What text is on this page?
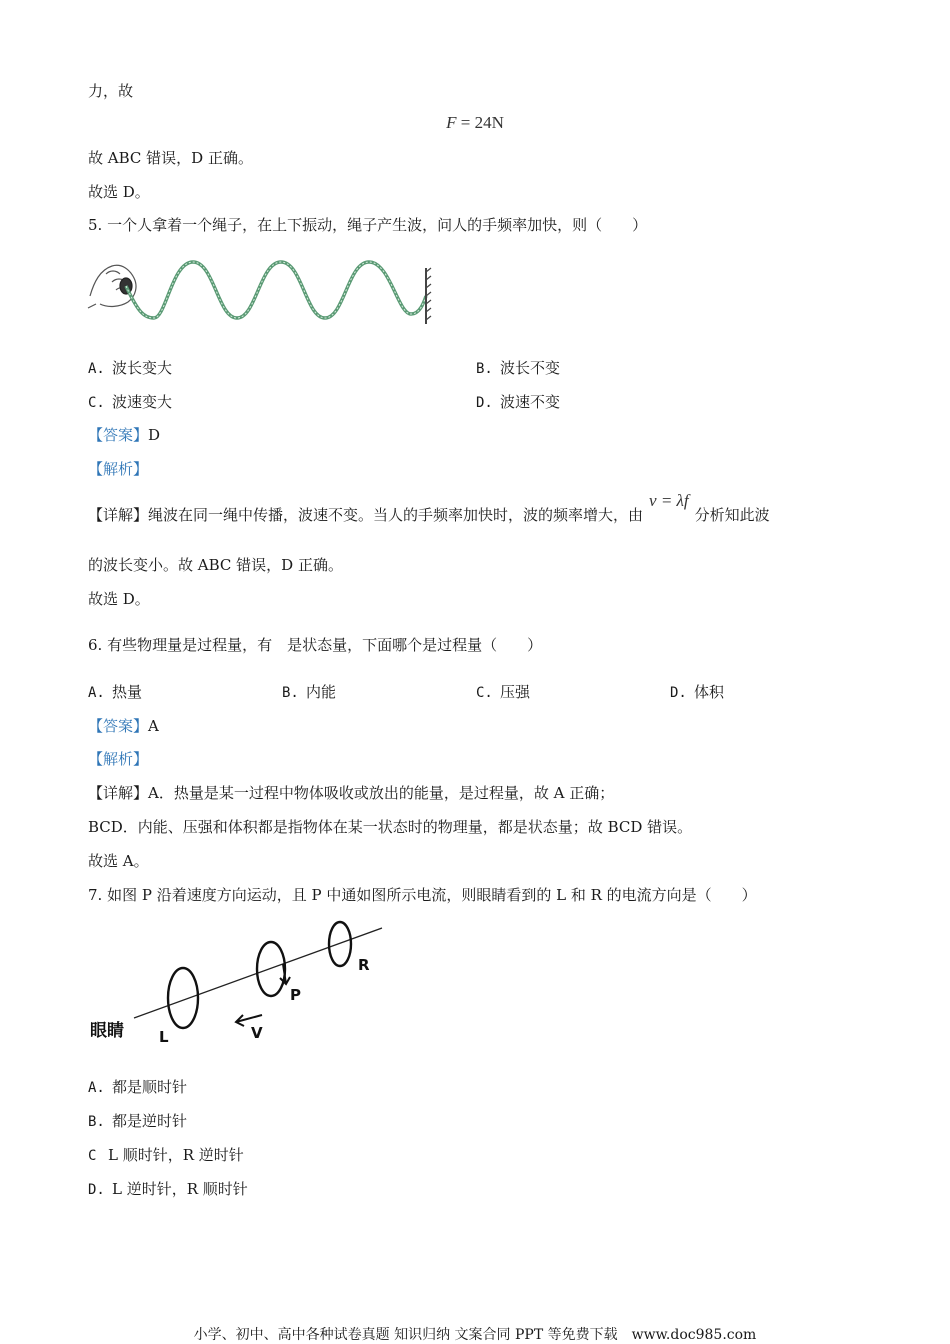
力，故
F = 24N
故 ABC 错误，D 正确。
故选 D。
5. 一个人拿着一个绳子，在上下振动，绳子产生波，问人的手频率加快，则（　　）
A. 波长变大	B. 波长不变
C. 波速变大	D. 波速不变
【答案】D
【解析】
【详解】绳波在同一绳中传播，波速不变。当人的手频率加快时，波的频率增大，由v = λf分析知此波
的波长变小。故 ABC 错误，D 正确。
故选 D。
6. 有些物理量是过程量，有　是状态量，下面哪个是过程量（　　）
A. 热量	B. 内能	C. 压强	D. 体积
【答案】A
【解析】
【详解】A．热量是某一过程中物体吸收或放出的能量，是过程量，故 A 正确；
BCD．内能、压强和体积都是指物体在某一状态时的物理量，都是状态量；故 BCD 错误。
故选 A。
7. 如图 P 沿着速度方向运动，且 P 中通如图所示电流，则眼睛看到的 L 和 R 的电流方向是（　　）
眼睛 L
P
R
V
A. 都是顺时针
B. 都是逆时针
C L 顺时针，R 逆时针
D. L 逆时针，R 顺时针
小学、初中、高中各种试卷真题 知识归纳 文案合同 PPT 等免费下载　www.doc985.com
